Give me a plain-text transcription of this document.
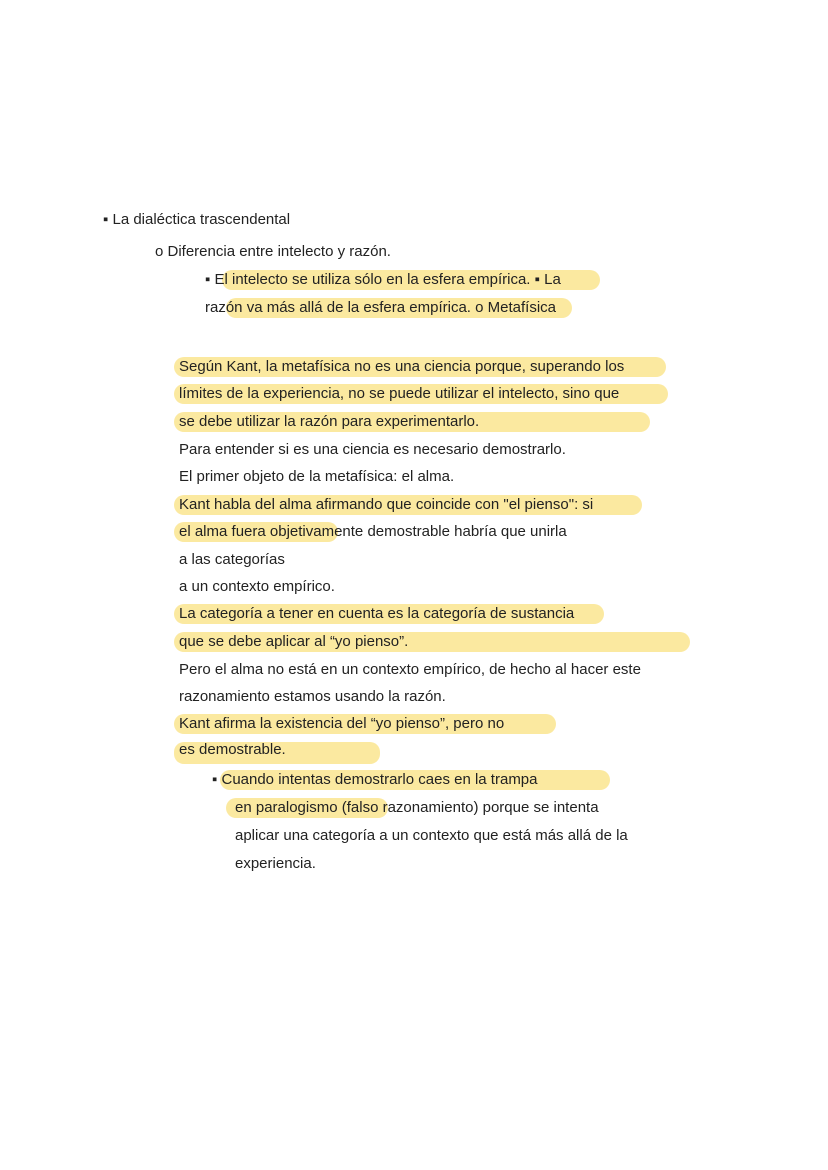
▪ La dialéctica trascendental
o Diferencia entre intelecto y razón.
▪ El intelecto se utiliza sólo en la esfera empírica. ▪ La
razón va más allá de la esfera empírica. o Metafísica
Según Kant, la metafísica no es una ciencia porque, superando los
límites de la experiencia, no se puede utilizar el intelecto, sino que
se debe utilizar la razón para experimentarlo.
Para entender si es una ciencia es necesario demostrarlo.
El primer objeto de la metafísica: el alma.
Kant habla del alma afirmando que coincide con "el pienso": si
el alma fuera objetivamente demostrable habría que unirla
a las categorías
a un contexto empírico.
La categoría a tener en cuenta es la categoría de sustancia
que se debe aplicar al “yo pienso”.
Pero el alma no está en un contexto empírico, de hecho al hacer este
razonamiento estamos usando la razón.
Kant afirma la existencia del “yo pienso”, pero no
es demostrable.
▪ Cuando intentas demostrarlo caes en la trampa
en paralogismo (falso razonamiento) porque se intenta
aplicar una categoría a un contexto que está más allá de la
experiencia.
